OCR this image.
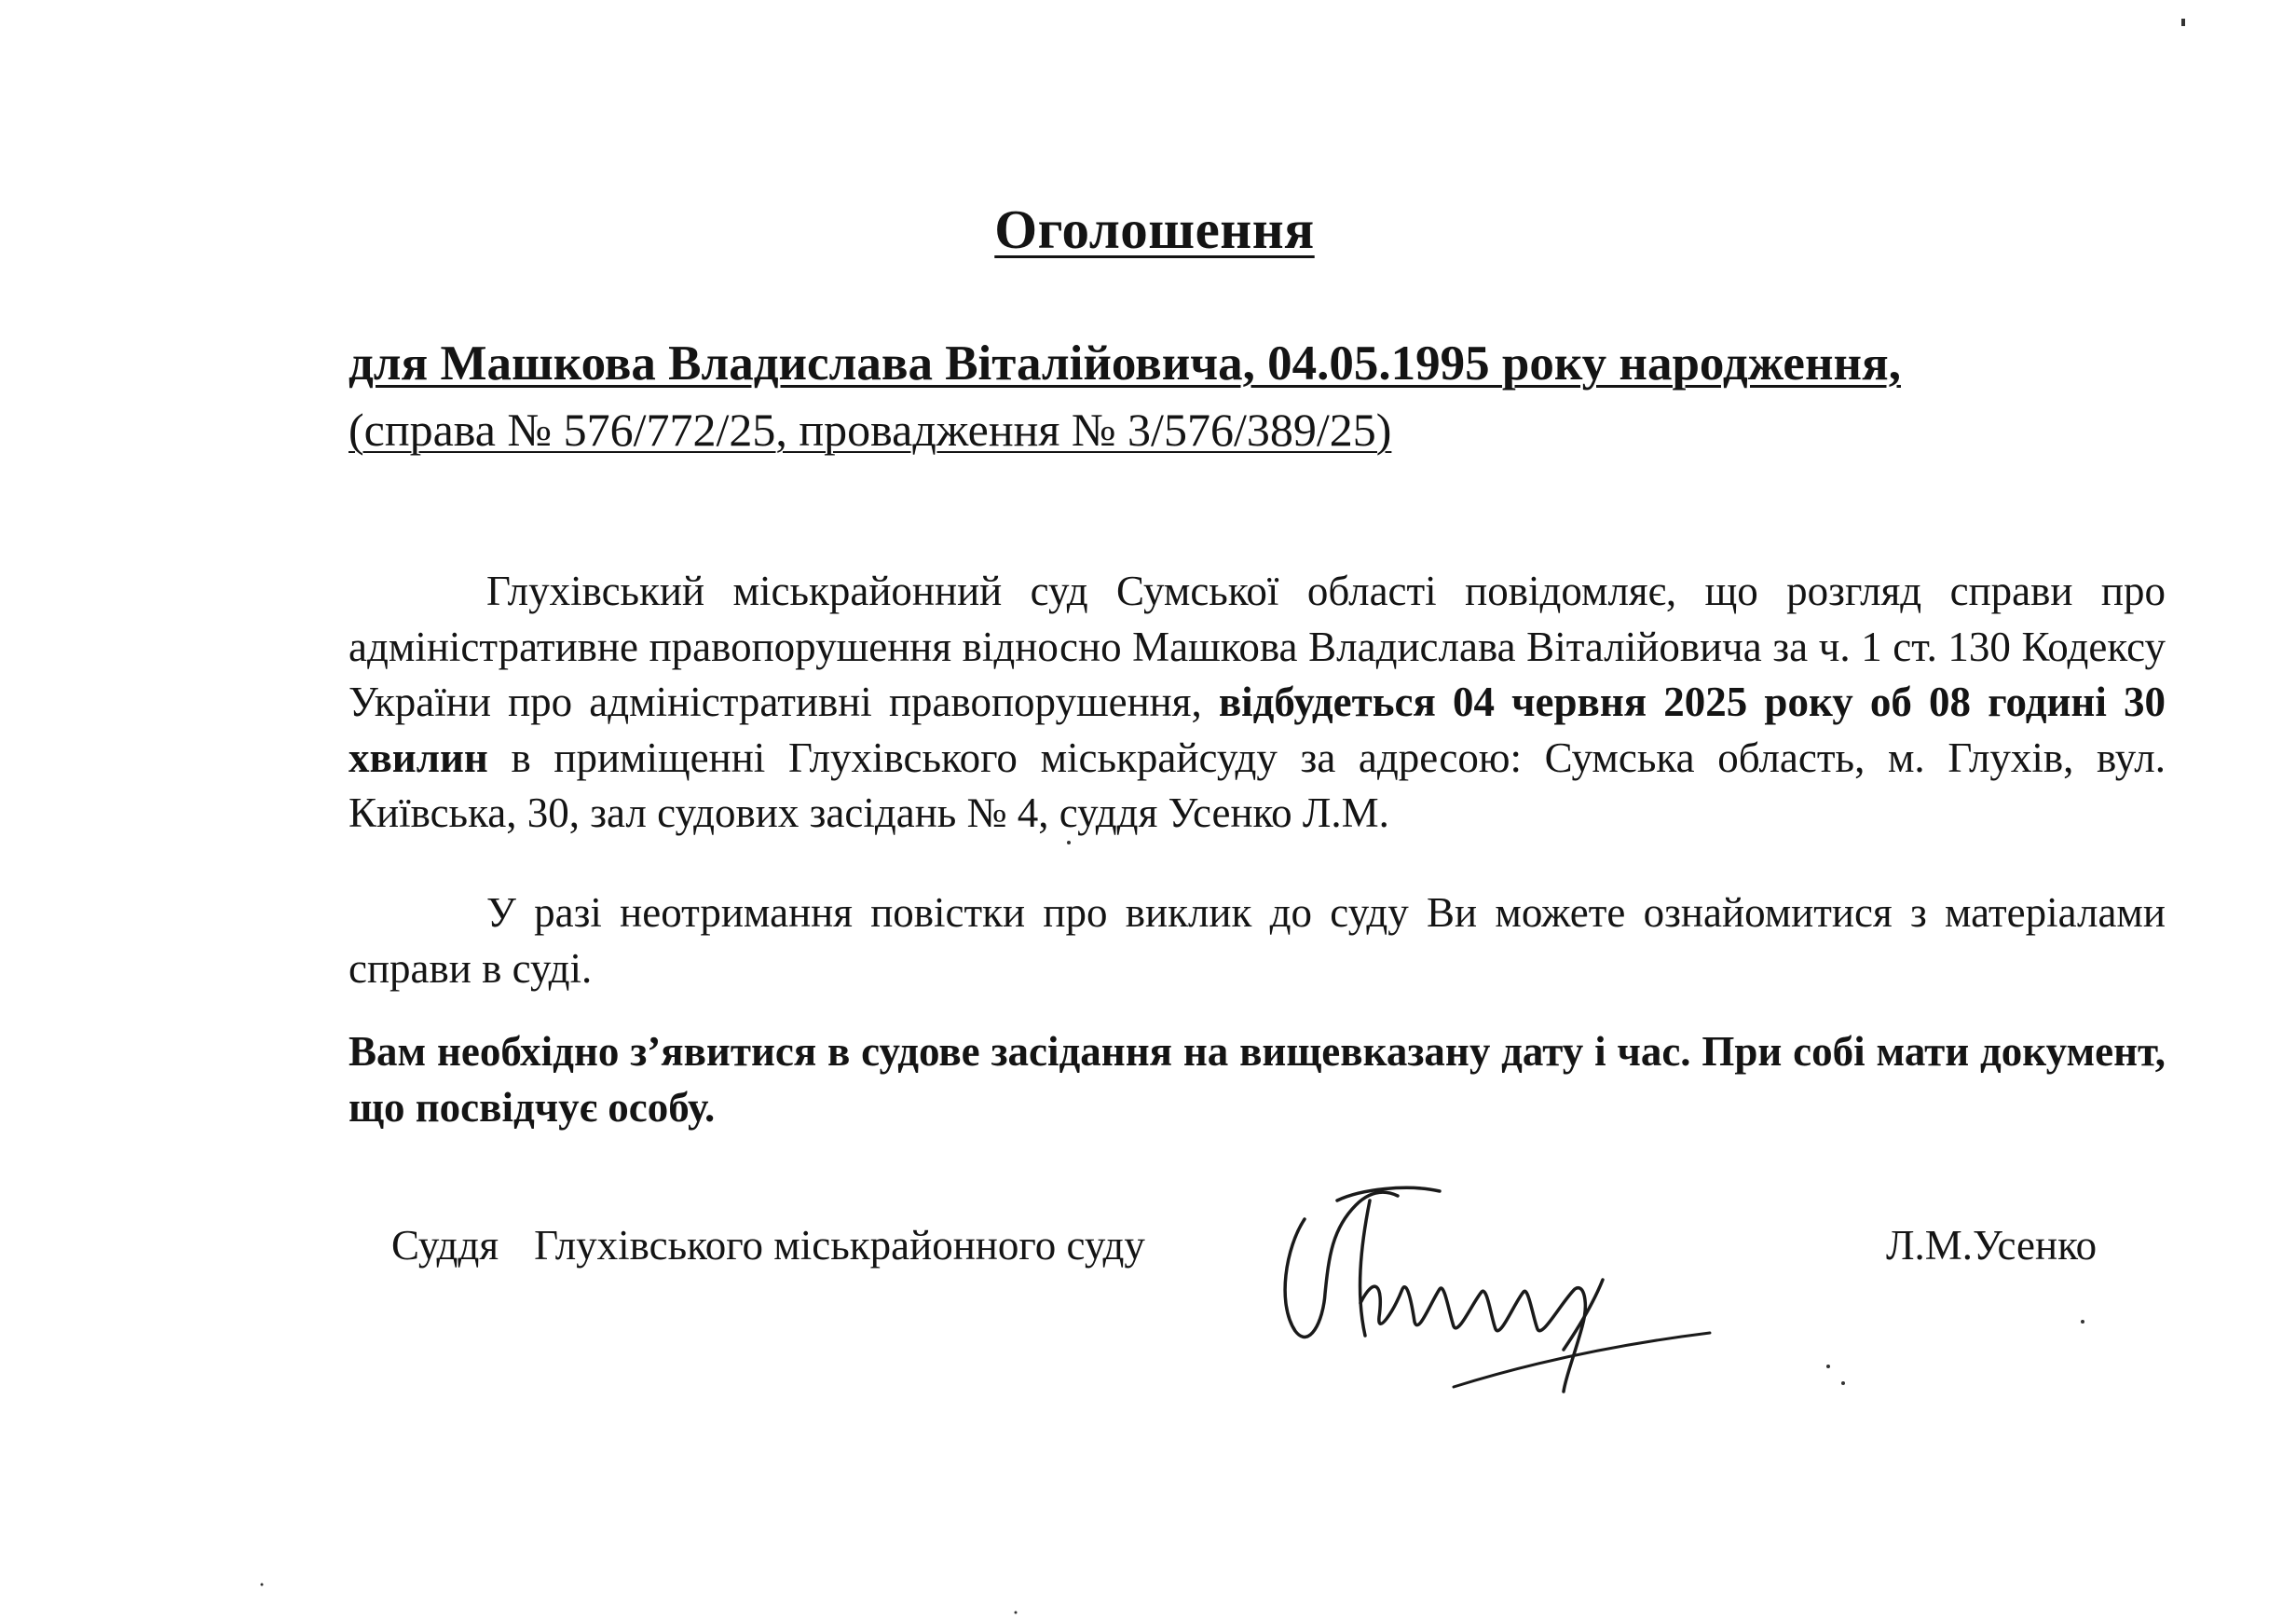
Оголошення
для Машкова Владислава Віталійовича, 04.05.1995 року народження,
(справа № 576/772/25, провадження № 3/576/389/25)
Глухівський міськрайонний суд Сумської області повідомляє, що розгляд справи про адміністративне правопорушення відносно Машкова Владислава Віталійовича за ч. 1 ст. 130 Кодексу України про адміністративні правопорушення, відбудеться 04 червня 2025 року об 08 годині 30 хвилин в приміщенні Глухівського міськрайсуду за адресою: Сумська область, м. Глухів, вул. Київська, 30, зал судових засідань № 4, суддя Усенко Л.М.
У разі неотримання повістки про виклик до суду Ви можете ознайомитися з матеріалами справи в суді.
Вам необхідно з’явитися в судове засідання на вищевказану дату і час. При собі мати документ, що посвідчує особу.
Суддя Глухівського міськрайонного суду	Л.М.Усенко
